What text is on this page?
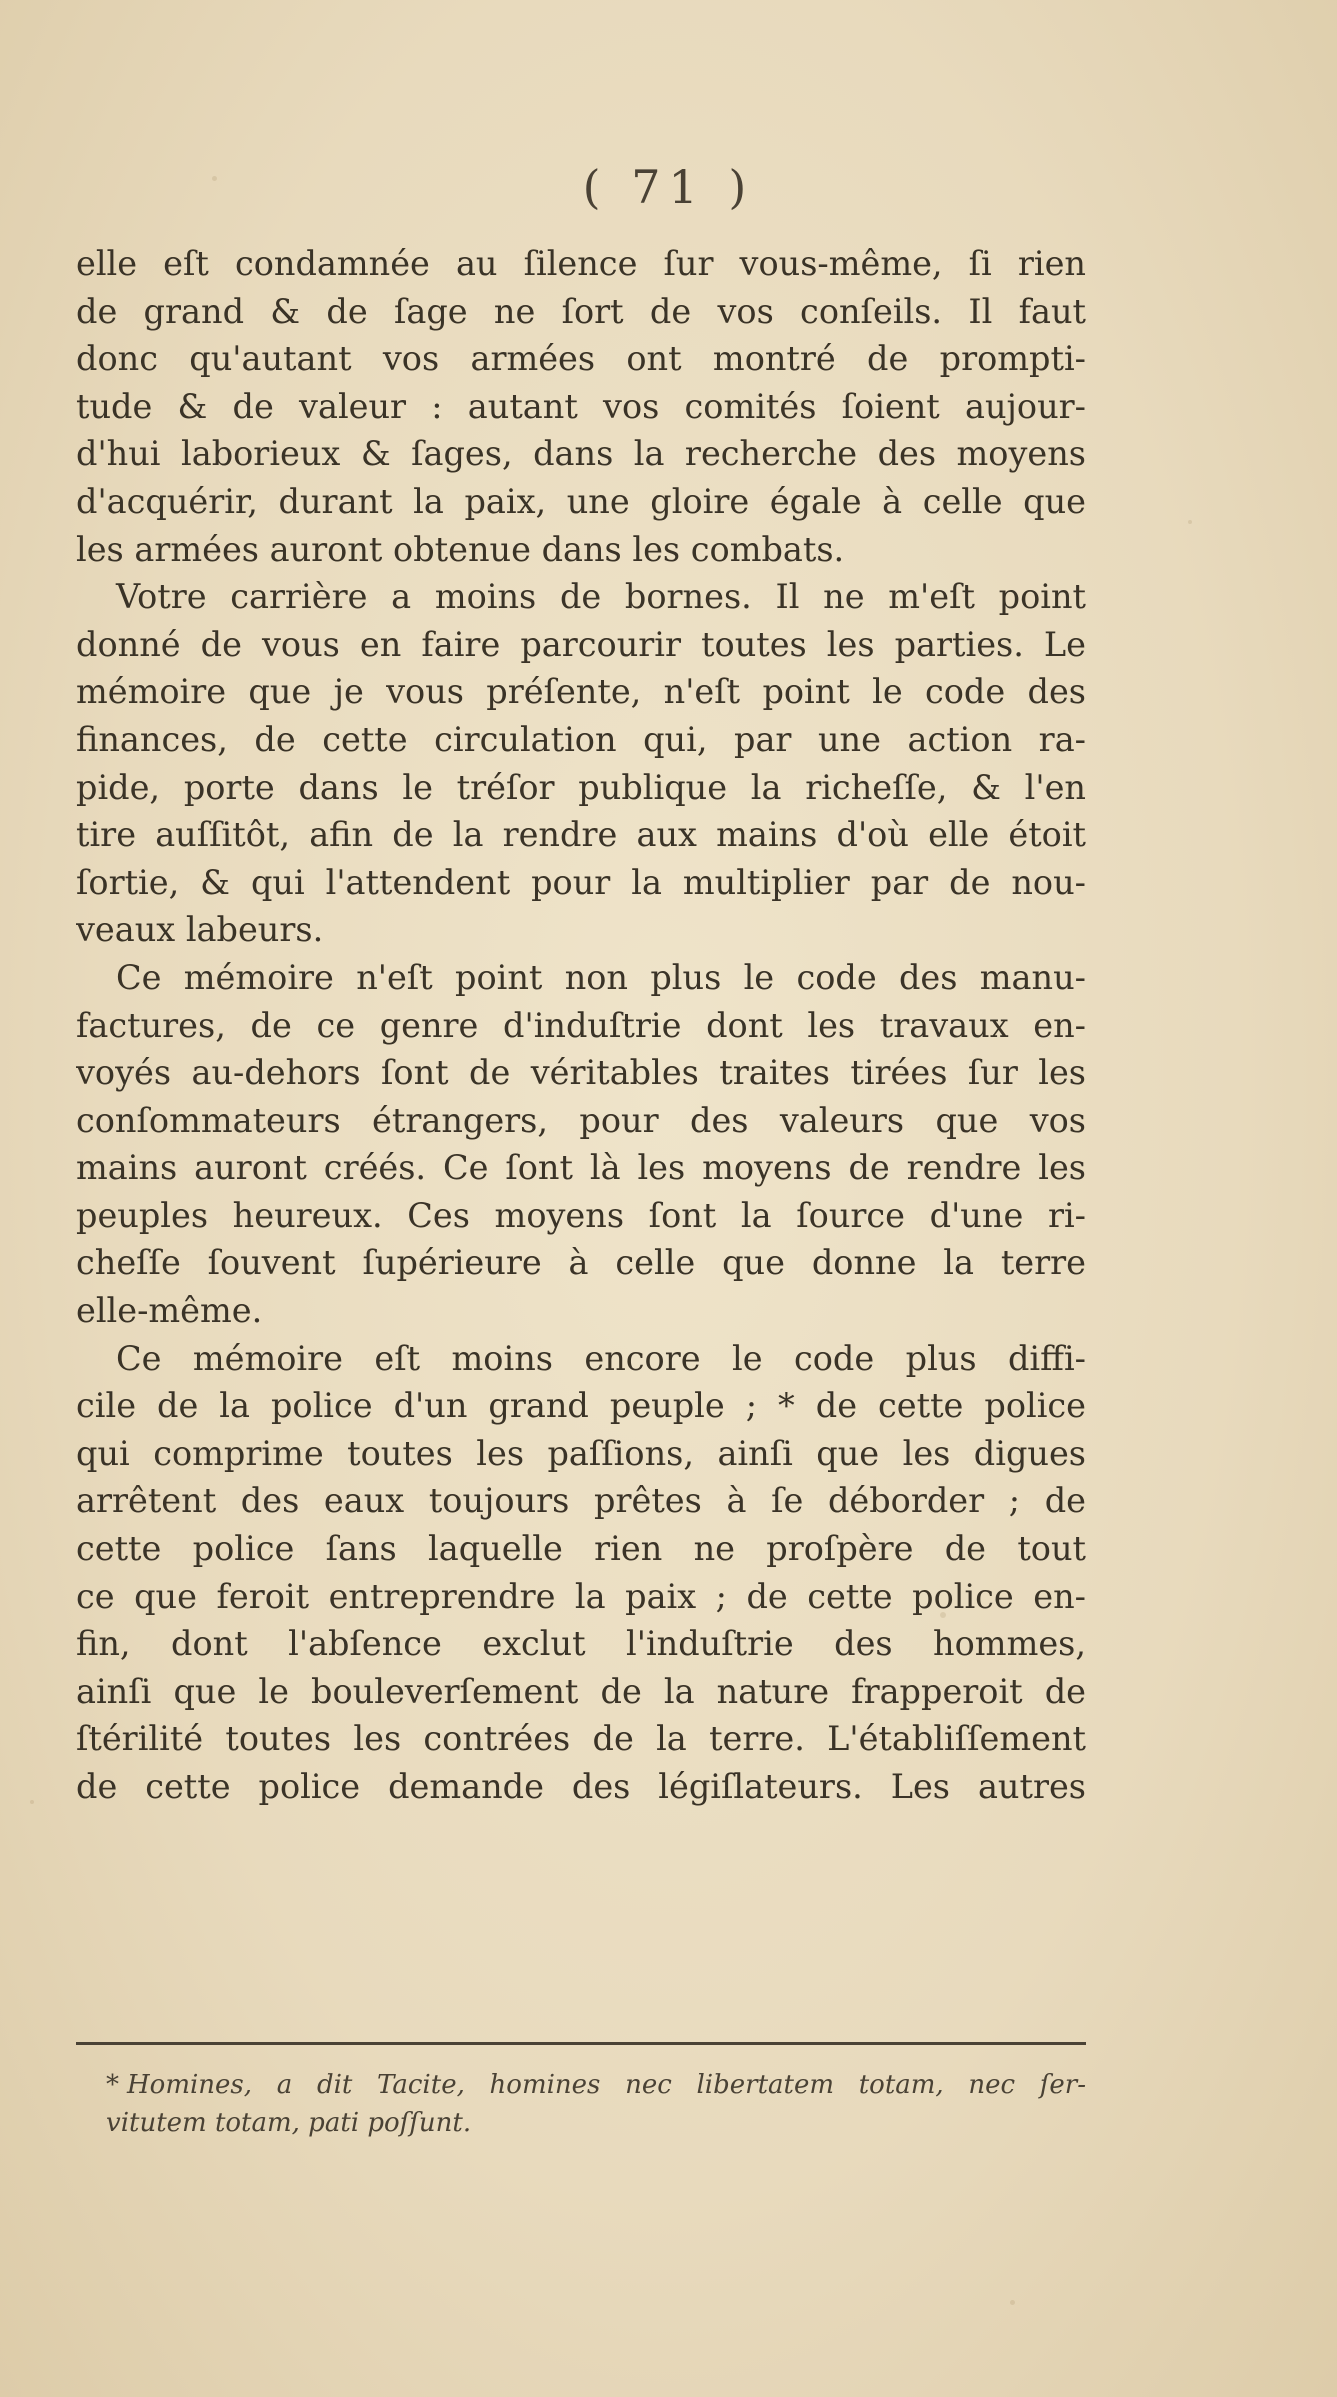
( 71 )
elle eſt condamnée au ſilence ſur vous-même, ſi rien
de grand & de ſage ne ſort de vos conſeils. Il faut
donc qu'autant vos armées ont montré de prompti-
tude & de valeur : autant vos comités ſoient aujour-
d'hui laborieux & ſages, dans la recherche des moyens
d'acquérir, durant la paix, une gloire égale à celle que
les armées auront obtenue dans les combats.
Votre carrière a moins de bornes. Il ne m'eſt point
donné de vous en faire parcourir toutes les parties. Le
mémoire que je vous préſente, n'eſt point le code des
finances, de cette circulation qui, par une action ra-
pide, porte dans le tréſor publique la richeſſe, & l'en
tire auſſitôt, afin de la rendre aux mains d'où elle étoit
ſortie, & qui l'attendent pour la multiplier par de nou-
veaux labeurs.
Ce mémoire n'eſt point non plus le code des manu-
factures, de ce genre d'induſtrie dont les travaux en-
voyés au-dehors ſont de véritables traites tirées ſur les
conſommateurs étrangers, pour des valeurs que vos
mains auront créés. Ce ſont là les moyens de rendre les
peuples heureux. Ces moyens ſont la ſource d'une ri-
cheſſe ſouvent ſupérieure à celle que donne la terre
elle-même.
Ce mémoire eſt moins encore le code plus diffi-
cile de la police d'un grand peuple ; * de cette police
qui comprime toutes les paſſions, ainſi que les digues
arrêtent des eaux toujours prêtes à ſe déborder ; de
cette police ſans laquelle rien ne proſpère de tout
ce que feroit entreprendre la paix ; de cette police en-
fin, dont l'abſence exclut l'induſtrie des hommes,
ainſi que le bouleverſement de la nature frapperoit de
ſtérilité toutes les contrées de la terre. L'établiſſement
de cette police demande des légiſlateurs. Les autres
* Homines, a dit Tacite, homines nec libertatem totam, nec ſer-
vitutem totam, pati poſſunt.
